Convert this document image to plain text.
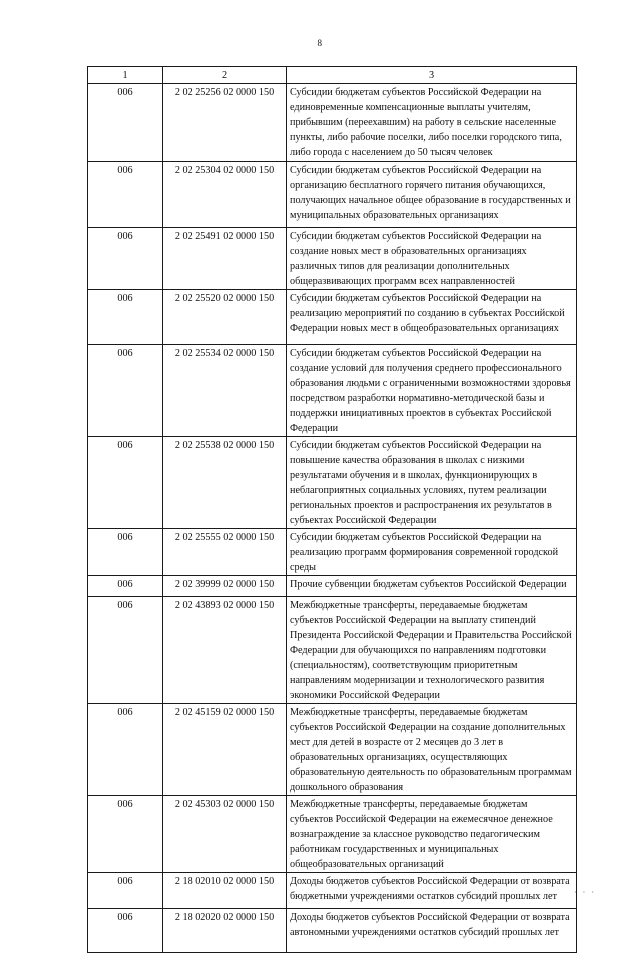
8
1	2	3
006	2 02 25256 02 0000 150	Субсидии бюджетам субъектов Российской Федерации на единовременные компенсационные выплаты учителям, прибывшим (переехавшим) на работу в сельские населенные пункты, либо рабочие поселки, либо поселки городского типа, либо города с населением до 50 тысяч человек
006	2 02 25304 02 0000 150	Субсидии бюджетам субъектов Российской Федерации на организацию бесплатного горячего питания обучающихся, получающих начальное общее образование в государственных и муниципальных образовательных организациях
006	2 02 25491 02 0000 150	Субсидии бюджетам субъектов Российской Федерации на создание новых мест в образовательных организациях различных типов для реализации дополнительных общеразвивающих программ всех направленностей
006	2 02 25520 02 0000 150	Субсидии бюджетам субъектов Российской Федерации на реализацию мероприятий по созданию в субъектах Российской Федерации новых мест в общеобразовательных организациях
006	2 02 25534 02 0000 150	Субсидии бюджетам субъектов Российской Федерации на создание условий для получения среднего профессионального образования людьми с ограниченными возможностями здоровья посредством разработки нормативно-методической базы и поддержки инициативных проектов в субъектах Российской Федерации
006	2 02 25538 02 0000 150	Субсидии бюджетам субъектов Российской Федерации на повышение качества образования в школах с низкими результатами обучения и в школах, функционирующих в неблагоприятных социальных условиях, путем реализации региональных проектов и распространения их результатов в субъектах Российской Федерации
006	2 02 25555 02 0000 150	Субсидии бюджетам субъектов Российской Федерации на реализацию программ формирования современной городской среды
006	2 02 39999 02 0000 150	Прочие субвенции бюджетам субъектов Российской Федерации
006	2 02 43893 02 0000 150	Межбюджетные трансферты, передаваемые бюджетам субъектов Российской Федерации на выплату стипендий Президента Российской Федерации и Правительства Российской Федерации для обучающихся по направлениям подготовки (специальностям), соответствующим приоритетным направлениям модернизации и технологического развития экономики Российской Федерации
006	2 02 45159 02 0000 150	Межбюджетные трансферты, передаваемые бюджетам субъектов Российской Федерации на создание дополнительных мест для детей в возрасте от 2 месяцев до 3 лет в образовательных организациях, осуществляющих образовательную деятельность по образовательным программам дошкольного образования
006	2 02 45303 02 0000 150	Межбюджетные трансферты, передаваемые бюджетам субъектов Российской Федерации на ежемесячное денежное вознаграждение за классное руководство педагогическим работникам государственных и муниципальных общеобразовательных организаций
006	2 18 02010 02 0000 150	Доходы бюджетов субъектов Российской Федерации от возврата бюджетными учреждениями остатков субсидий прошлых лет
006	2 18 02020 02 0000 150	Доходы бюджетов субъектов Российской Федерации от возврата автономными учреждениями остатков субсидий прошлых лет
· · ·
